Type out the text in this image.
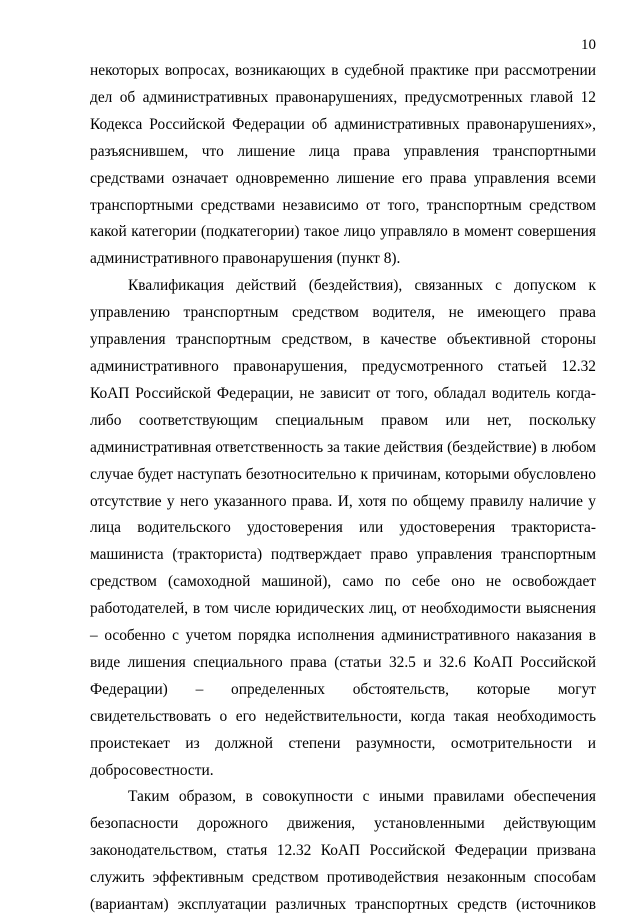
10

некоторых вопросах, возникающих в судебной практике при рассмотрении дел об административных правонарушениях, предусмотренных главой 12 Кодекса Российской Федерации об административных правонарушениях», разъяснившем, что лишение лица права управления транспортными средствами означает одновременно лишение его права управления всеми транспортными средствами независимо от того, транспортным средством какой категории (подкатегории) такое лицо управляло в момент совершения административного правонарушения (пункт 8).

Квалификация действий (бездействия), связанных с допуском к управлению транспортным средством водителя, не имеющего права управления транспортным средством, в качестве объективной стороны административного правонарушения, предусмотренного статьей 12.32 КоАП Российской Федерации, не зависит от того, обладал водитель когда-либо соответствующим специальным правом или нет, поскольку административная ответственность за такие действия (бездействие) в любом случае будет наступать безотносительно к причинам, которыми обусловлено отсутствие у него указанного права. И, хотя по общему правилу наличие у лица водительского удостоверения или удостоверения тракториста-машиниста (тракториста) подтверждает право управления транспортным средством (самоходной машиной), само по себе оно не освобождает работодателей, в том числе юридических лиц, от необходимости выяснения – особенно с учетом порядка исполнения административного наказания в виде лишения специального права (статьи 32.5 и 32.6 КоАП Российской Федерации) – определенных обстоятельств, которые могут свидетельствовать о его недействительности, когда такая необходимость проистекает из должной степени разумности, осмотрительности и добросовестности.

Таким образом, в совокупности с иными правилами обеспечения безопасности дорожного движения, установленными действующим законодательством, статья 12.32 КоАП Российской Федерации призвана служить эффективным средством противодействия незаконным способам (вариантам) эксплуатации различных транспортных средств (источников
